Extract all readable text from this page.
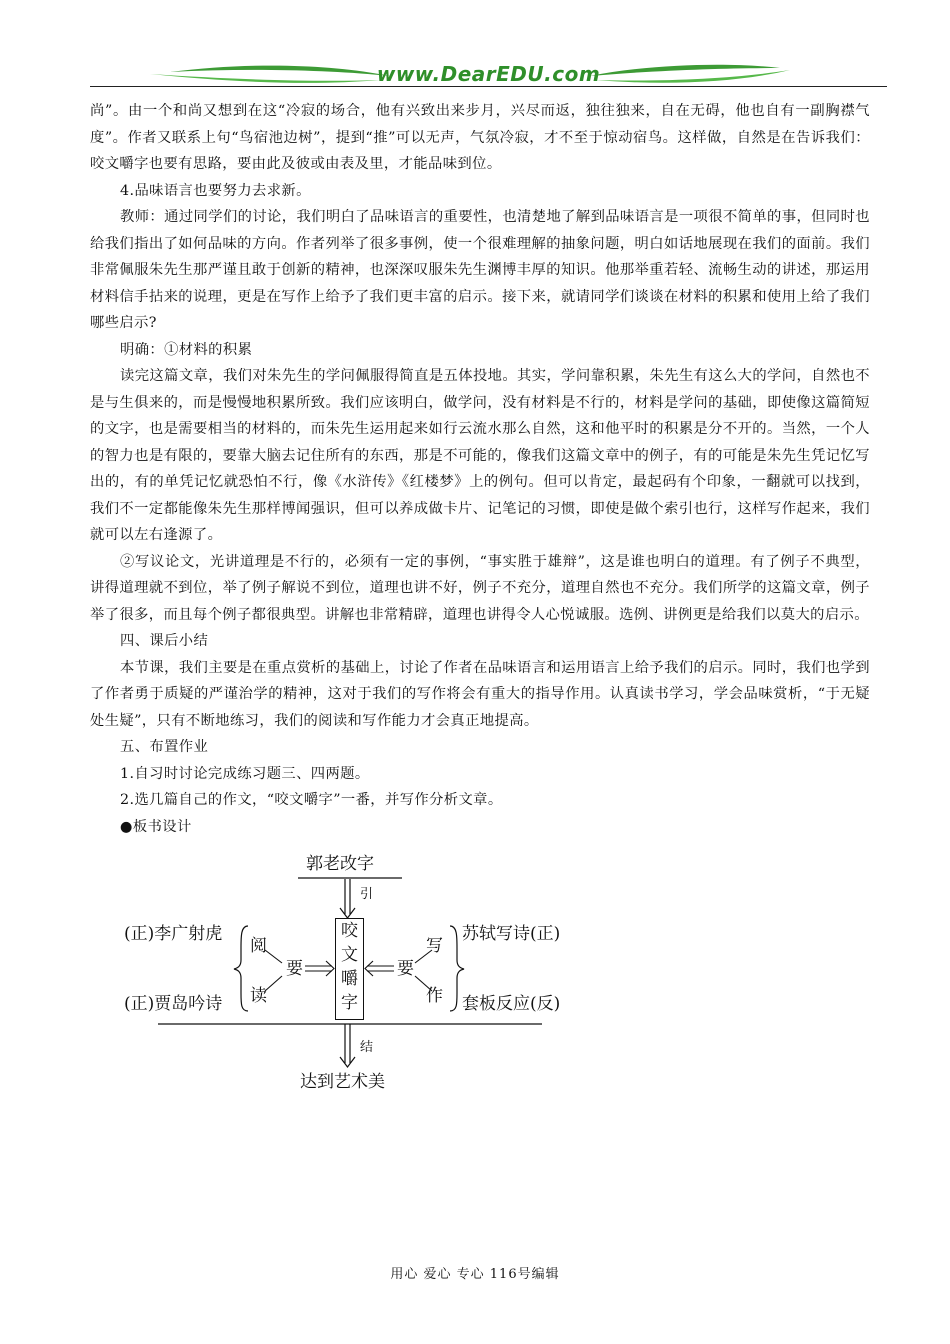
www.DearEDU.com

尚”。由一个和尚又想到在这“冷寂的场合，他有兴致出来步月，兴尽而返，独往独来，自在无碍，他也自有一副胸襟气度”。作者又联系上句“鸟宿池边树”，提到“推”可以无声，气氛冷寂，才不至于惊动宿鸟。这样做，自然是在告诉我们：咬文嚼字也要有思路，要由此及彼或由表及里，才能品味到位。

4.品味语言也要努力去求新。

教师：通过同学们的讨论，我们明白了品味语言的重要性，也清楚地了解到品味语言是一项很不简单的事，但同时也给我们指出了如何品味的方向。作者列举了很多事例，使一个很难理解的抽象问题，明白如话地展现在我们的面前。我们非常佩服朱先生那严谨且敢于创新的精神，也深深叹服朱先生渊博丰厚的知识。他那举重若轻、流畅生动的讲述，那运用材料信手拈来的说理，更是在写作上给予了我们更丰富的启示。接下来，就请同学们谈谈在材料的积累和使用上给了我们哪些启示?

明确：①材料的积累

读完这篇文章，我们对朱先生的学问佩服得简直是五体投地。其实，学问靠积累，朱先生有这么大的学问，自然也不是与生俱来的，而是慢慢地积累所致。我们应该明白，做学问，没有材料是不行的，材料是学问的基础，即使像这篇简短的文字，也是需要相当的材料的，而朱先生运用起来如行云流水那么自然，这和他平时的积累是分不开的。当然，一个人的智力也是有限的，要靠大脑去记住所有的东西，那是不可能的，像我们这篇文章中的例子，有的可能是朱先生凭记忆写出的，有的单凭记忆就恐怕不行，像《水浒传》《红楼梦》上的例句。但可以肯定，最起码有个印象，一翻就可以找到，我们不一定都能像朱先生那样博闻强识，但可以养成做卡片、记笔记的习惯，即使是做个索引也行，这样写作起来，我们就可以左右逢源了。

②写议论文，光讲道理是不行的，必须有一定的事例，“事实胜于雄辩”，这是谁也明白的道理。有了例子不典型，讲得道理就不到位，举了例子解说不到位，道理也讲不好，例子不充分，道理自然也不充分。我们所学的这篇文章，例子举了很多，而且每个例子都很典型。讲解也非常精辟，道理也讲得令人心悦诚服。选例、讲例更是给我们以莫大的启示。

四、课后小结

本节课，我们主要是在重点赏析的基础上，讨论了作者在品味语言和运用语言上给予我们的启示。同时，我们也学到了作者勇于质疑的严谨治学的精神，这对于我们的写作将会有重大的指导作用。认真读书学习，学会品味赏析，“于无疑处生疑”，只有不断地练习，我们的阅读和写作能力才会真正地提高。

五、布置作业

1.自习时讨论完成练习题三、四两题。

2.选几篇自己的作文，“咬文嚼字”一番，并写作分析文章。

●板书设计

郭老改字
引
咬
文
嚼
字
(正)李广射虎
(正)贾岛吟诗
阅
读
要	要
写
作
苏轼写诗(正)
套板反应(反)
结
达到艺术美
用心 爱心 专心 116号编辑
